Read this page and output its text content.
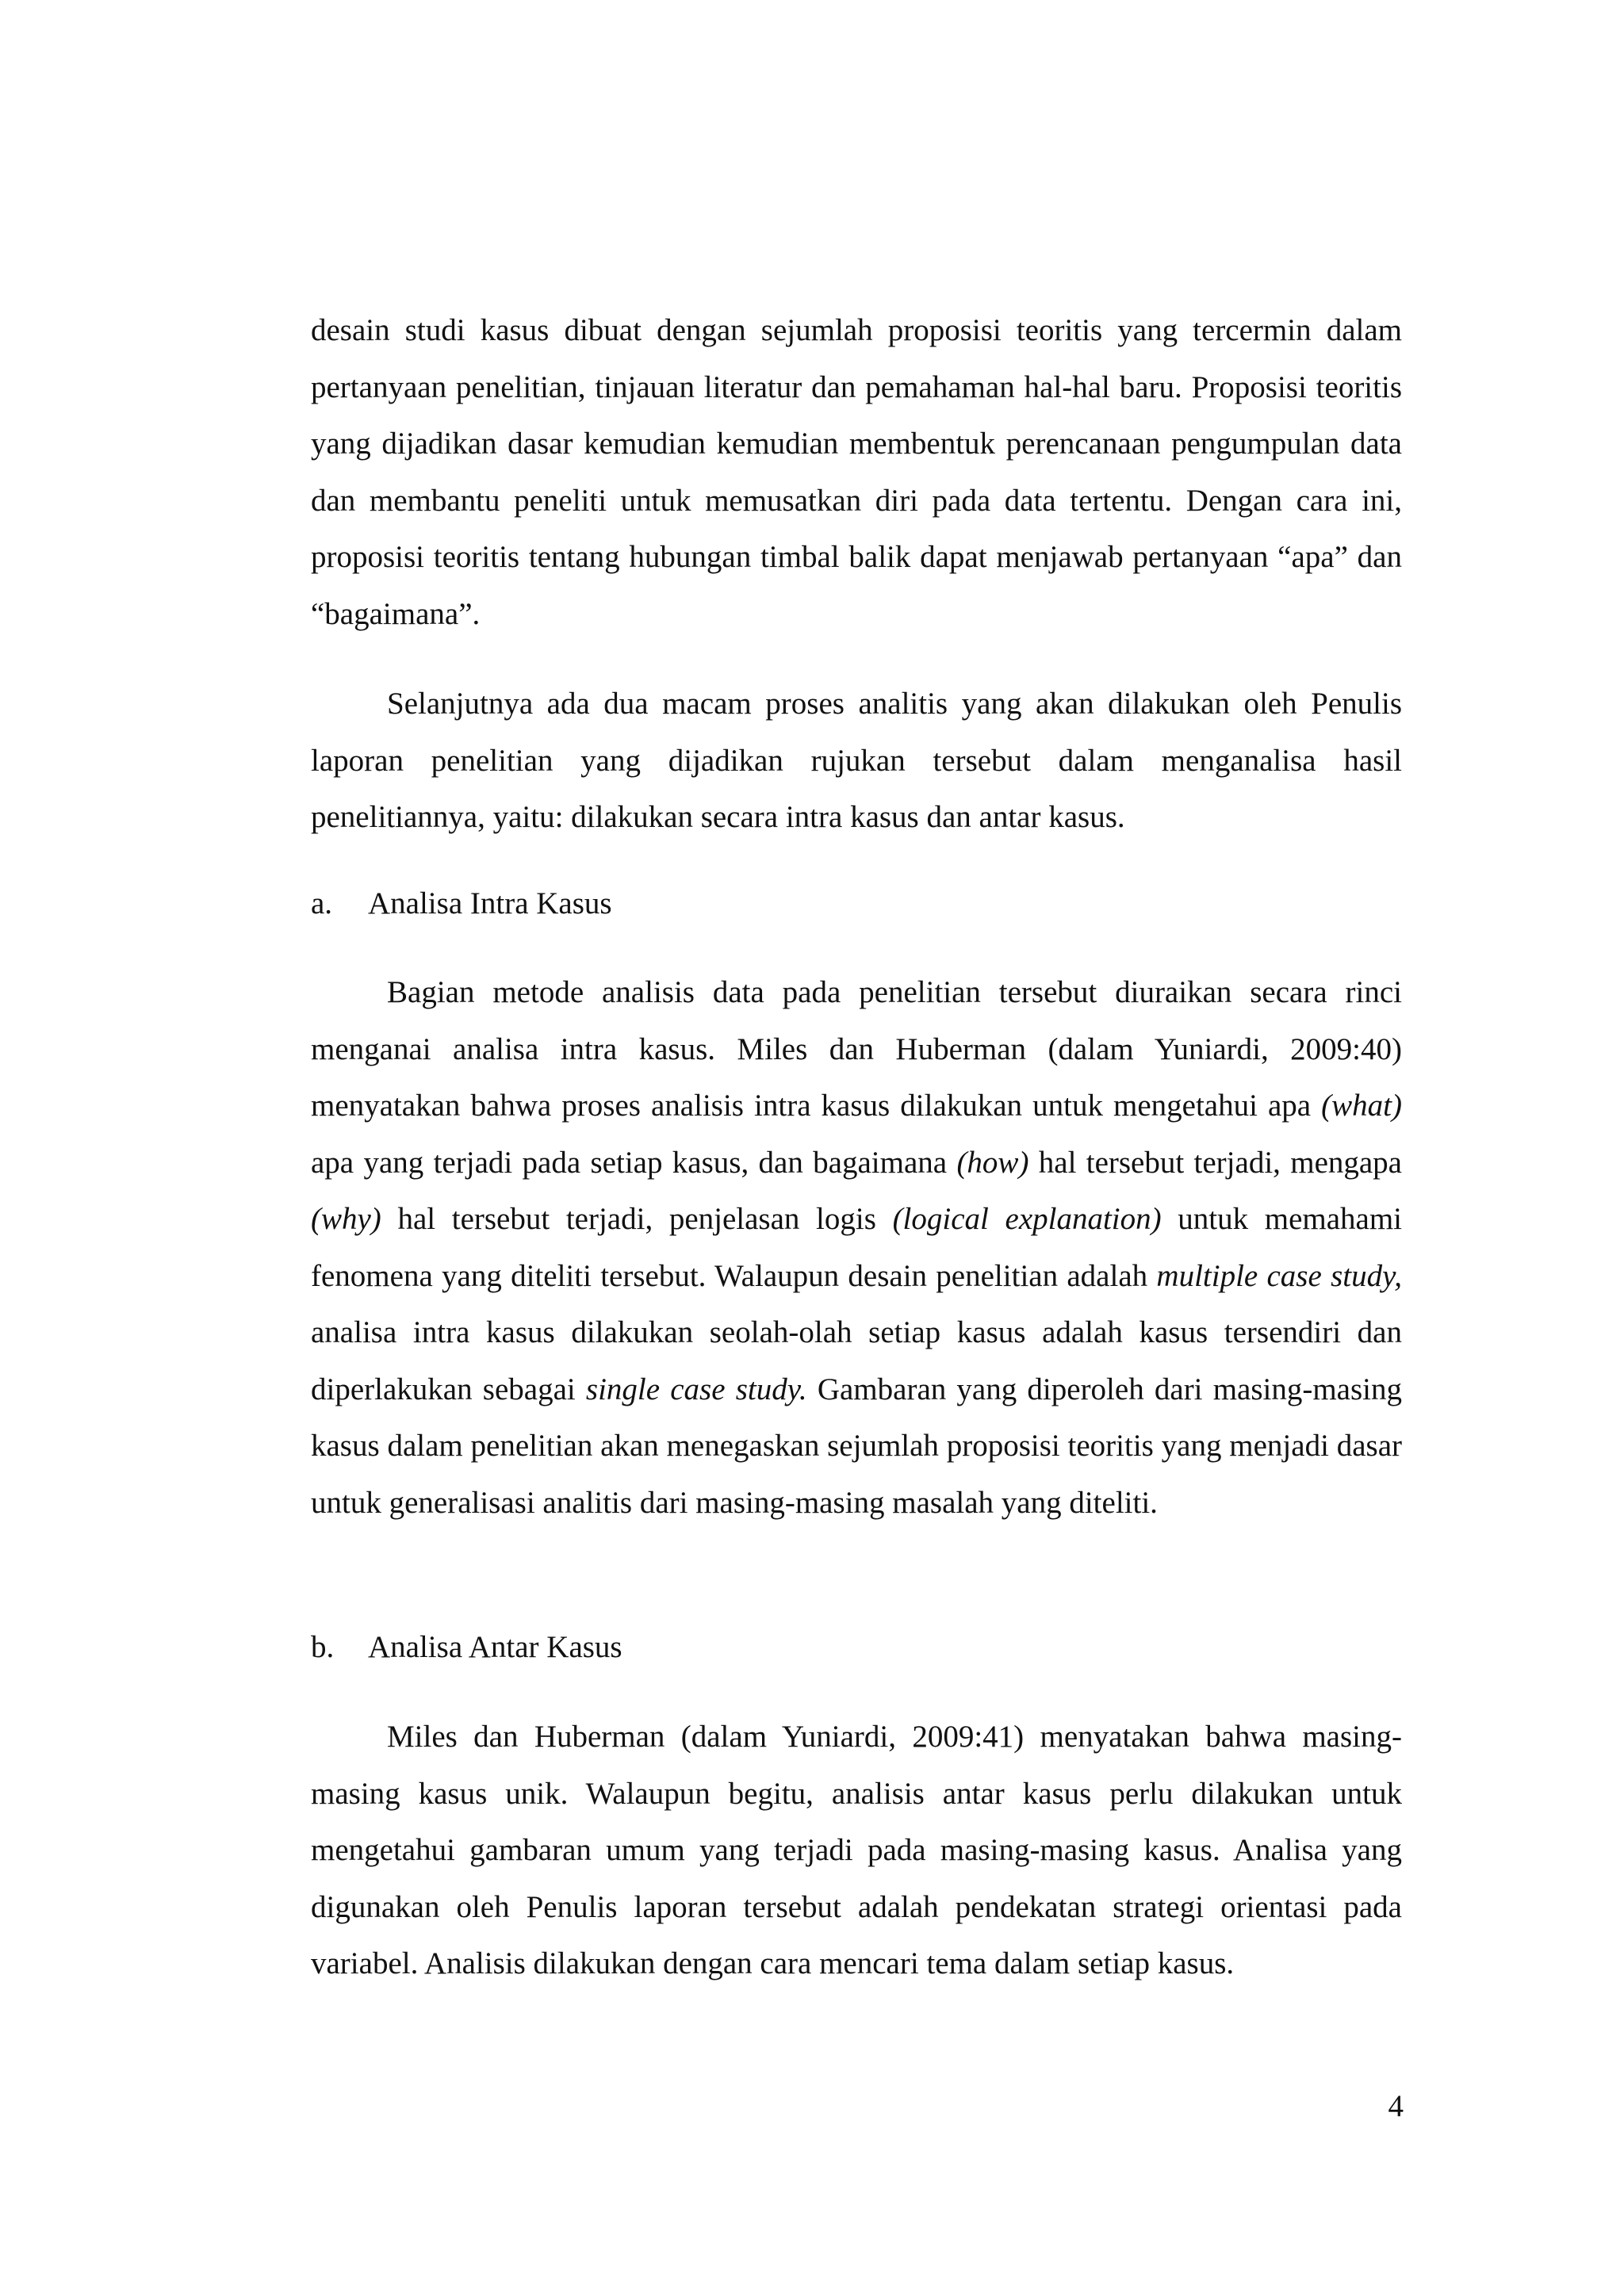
desain studi kasus dibuat dengan sejumlah proposisi teoritis yang tercermin dalam pertanyaan penelitian, tinjauan literatur dan pemahaman hal-hal baru. Proposisi teoritis yang dijadikan dasar kemudian kemudian membentuk perencanaan pengumpulan data dan membantu peneliti untuk memusatkan diri pada data tertentu. Dengan cara ini, proposisi teoritis tentang hubungan timbal balik dapat menjawab pertanyaan “apa” dan “bagaimana”.

Selanjutnya ada dua macam proses analitis yang akan dilakukan oleh Penulis laporan penelitian yang dijadikan rujukan tersebut dalam menganalisa hasil penelitiannya, yaitu: dilakukan secara intra kasus dan antar kasus.

a. Analisa Intra Kasus

Bagian metode analisis data pada penelitian tersebut diuraikan secara rinci menganai analisa intra kasus. Miles dan Huberman (dalam Yuniardi, 2009:40) menyatakan bahwa proses analisis intra kasus dilakukan untuk mengetahui apa (what) apa yang terjadi pada setiap kasus, dan bagaimana (how) hal tersebut terjadi, mengapa (why) hal tersebut terjadi, penjelasan logis (logical explanation) untuk memahami fenomena yang diteliti tersebut. Walaupun desain penelitian adalah multiple case study, analisa intra kasus dilakukan seolah-olah setiap kasus adalah kasus tersendiri dan diperlakukan sebagai single case study. Gambaran yang diperoleh dari masing-masing kasus dalam penelitian akan menegaskan sejumlah proposisi teoritis yang menjadi dasar untuk generalisasi analitis dari masing-masing masalah yang diteliti.

b. Analisa Antar Kasus

Miles dan Huberman (dalam Yuniardi, 2009:41) menyatakan bahwa masing-masing kasus unik. Walaupun begitu, analisis antar kasus perlu dilakukan untuk mengetahui gambaran umum yang terjadi pada masing-masing kasus. Analisa yang digunakan oleh Penulis laporan tersebut adalah pendekatan strategi orientasi pada variabel. Analisis dilakukan dengan cara mencari tema dalam setiap kasus.

4
